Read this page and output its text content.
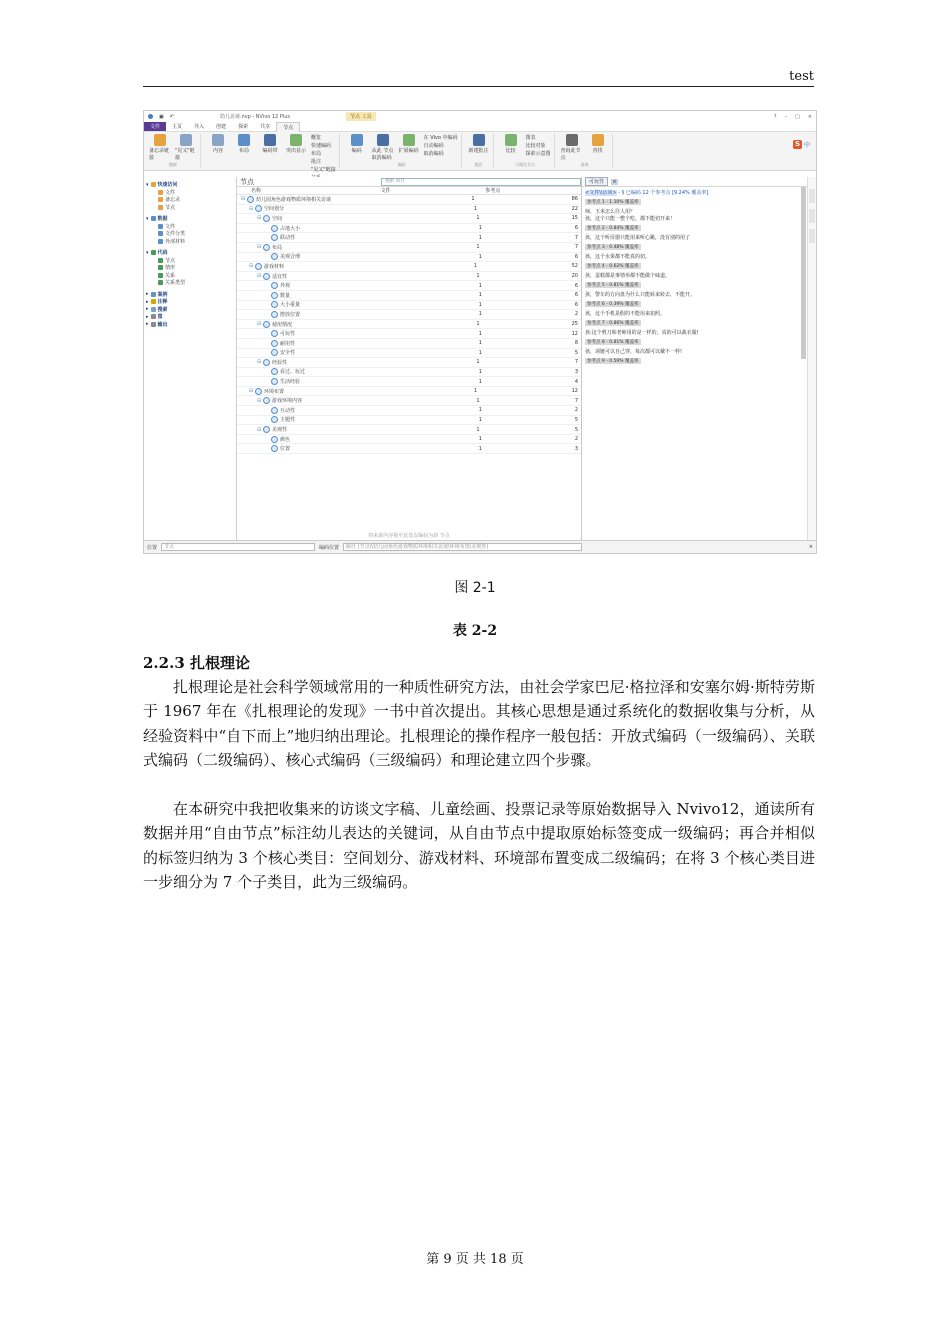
test
▣ ↶	幼儿访谈.nvp - NVivo 12 Plus	节点 工具	? – □ ×
文件	主页	导入	创建	探索	共享	节点
备忘录链接
"见又"链接
链接
内容	布局	编码带 突出显示
概览
快速编码
布局
批注
"见又"链接
编码 从此 节点取消编码
扩展编码
在 Vivo 中编码
自动编码
取消编码
编码
新建批注
批注
比较
图表
比较对象
探索示意图
可视化节点
查询此节点
查找
查询
S 中
▾ 快速访问
文件
备忘录
节点
▾ 数据
文件
文件分类
外部材料
▾ 代码
节点
情形
关系
关系类型
▸ 案例
▸ 注释
▸ 搜索
▸ 图
▸ 输出
节点	搜索 项目
名称	文件	参考点
⊟ 幼儿园角色游戏物质环境相关访谈	1	86
⊟ 空间划分	1	22
⊟ 空间	1	15
占地大小	1	6
联动性	1	7
⊟ 布局	1	7
美观合理	1	6
⊟ 游戏材料	1	52
⊟ 适宜性	1	20
外观	1	6
数量	1	6
大小重量	1	6
摆放位置	1	2
⊟ 使用情况	1	25
可玩性	1	12
耐用性	1	8
安全性	1	5
⊟ 经验性	1	7
看过、玩过	1	3
生活经验	1	4
⊟ 环境布置	1	12
⊟ 游戏环境内容	1	7
互动性	1	2
主题性	1	5
⊟ 美观性	1	5
颜色	1	2
位置	1	3
将来源内容拖至此处以编码为新 节点
可玩性	×
<文件\\访谈> - § 已编码 12 个参考点 [9.24% 覆盖率]
参考点 1 - 1.10% 覆盖率
师，玉米怎么往人用？
孩，这个只能一整个吃，都不能切开来！
参考点 2 - 0.84% 覆盖率
孩，这个听诊器只能用来听心跳，没有别的用了
参考点 3 - 0.48% 覆盖率
孩，这个水果都不能真的切。
参考点 4 - 0.62% 覆盖率
孩，蛋糕都是事情举都不能做个味道。
参考点 5 - 0.81% 覆盖率
孩，警车的方向盘为什么只能转来转去、不能开。
参考点 6 - 0.39% 覆盖率
孩，这个手机是假的不能用来拍照。
参考点 7 - 0.86% 覆盖率
孩:这个剪刀和老师用的是一样的，真的可以裁衣服!
参考点 8 - 0.81% 覆盖率
孩，项链可以自己穿，每次都可以戴不一样!
参考点 9 - 0.59% 覆盖率
位置	节点	编码位置	路径 (节点\\幼儿园角色游戏物质环境相关访谈\环境布置\美观性)	×
图 2-1
表 2-2
2.2.3 扎根理论

扎根理论是社会科学领域常用的一种质性研究方法，由社会学家巴尼·格拉泽和安塞尔姆·斯特劳斯于 1967 年在《扎根理论的发现》一书中首次提出。其核心思想是通过系统化的数据收集与分析，从经验资料中“自下而上”地归纳出理论。扎根理论的操作程序一般包括：开放式编码（一级编码）、关联式编码（二级编码）、核心式编码（三级编码）和理论建立四个步骤。

在本研究中我把收集来的访谈文字稿、儿童绘画、投票记录等原始数据导入 Nvivo12，通读所有数据并用“自由节点”标注幼儿表达的关键词，从自由节点中提取原始标签变成一级编码；再合并相似的标签归纳为 3 个核心类目：空间划分、游戏材料、环境部布置变成二级编码；在将 3 个核心类目进一步细分为 7 个子类目，此为三级编码。

第 9 页 共 18 页
